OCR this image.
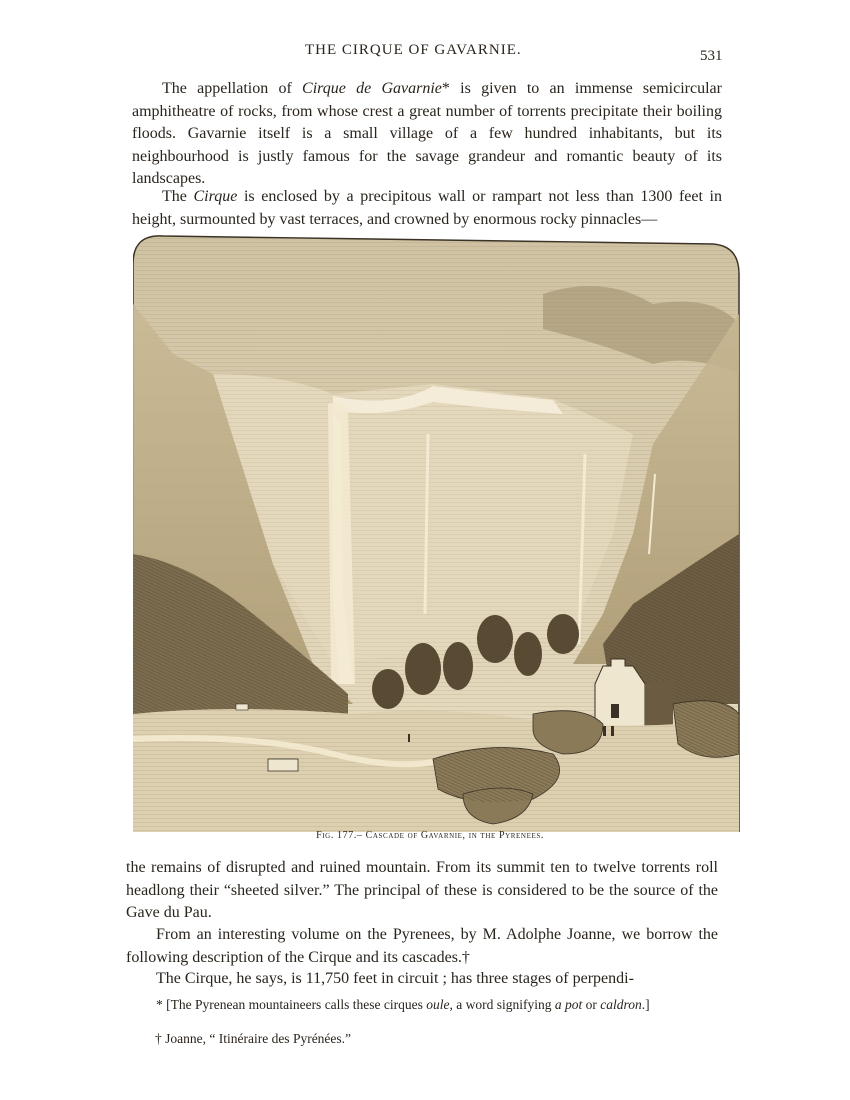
THE CIRQUE OF GAVARNIE.	531

The appellation of Cirque de Gavarnie* is given to an immense semicircular amphitheatre of rocks, from whose crest a great number of torrents precipitate their boiling floods. Gavarnie itself is a small village of a few hundred inhabitants, but its neighbourhood is justly famous for the savage grandeur and romantic beauty of its landscapes.

The Cirque is enclosed by a precipitous wall or rampart not less than 1300 feet in height, surmounted by vast terraces, and crowned by enormous rocky pinnacles—

Fig. 177.– Cascade of Gavarnie, in the Pyrenees.

the remains of disrupted and ruined mountain. From its summit ten to twelve torrents roll headlong their “sheeted silver.” The principal of these is considered to be the source of the Gave du Pau.

From an interesting volume on the Pyrenees, by M. Adolphe Joanne, we borrow the following description of the Cirque and its cascades.†

The Cirque, he says, is 11,750 feet in circuit ; has three stages of perpendi-

* [The Pyrenean mountaineers calls these cirques oule, a word signifying a pot or caldron.]

† Joanne, “ Itinéraire des Pyrénées.”
